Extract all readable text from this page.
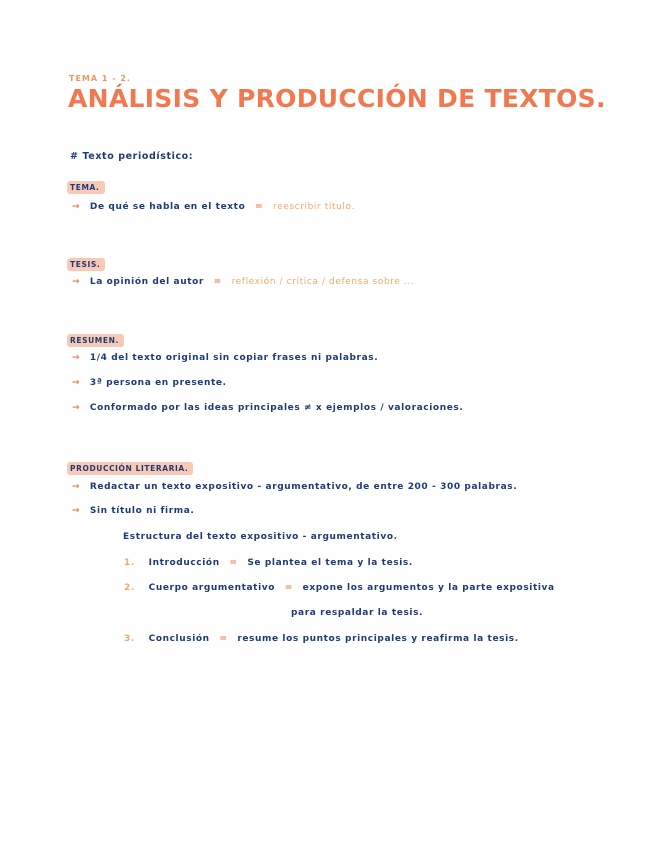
TEMA 1 - 2.
ANÁLISIS Y PRODUCCIÓN DE TEXTOS.
# Texto periodístico:
TEMA.
→ De qué se habla en el texto = reescribir título.
TESIS.
→ La opinión del autor = reflexión / crítica / defensa sobre ...
RESUMEN.
→ 1/4 del texto original sin copiar frases ni palabras.
→ 3ª persona en presente.
→ Conformado por las ideas principales ≠ x ejemplos / valoraciones.
PRODUCCIÓN LITERARIA.
→ Redactar un texto expositivo - argumentativo, de entre 200 - 300 palabras.
→ Sin título ni firma.
Estructura del texto expositivo - argumentativo.
1. Introducción = Se plantea el tema y la tesis.
2. Cuerpo argumentativo = expone los argumentos y la parte expositiva
para respaldar la tesis.
3. Conclusión = resume los puntos principales y reafirma la tesis.
